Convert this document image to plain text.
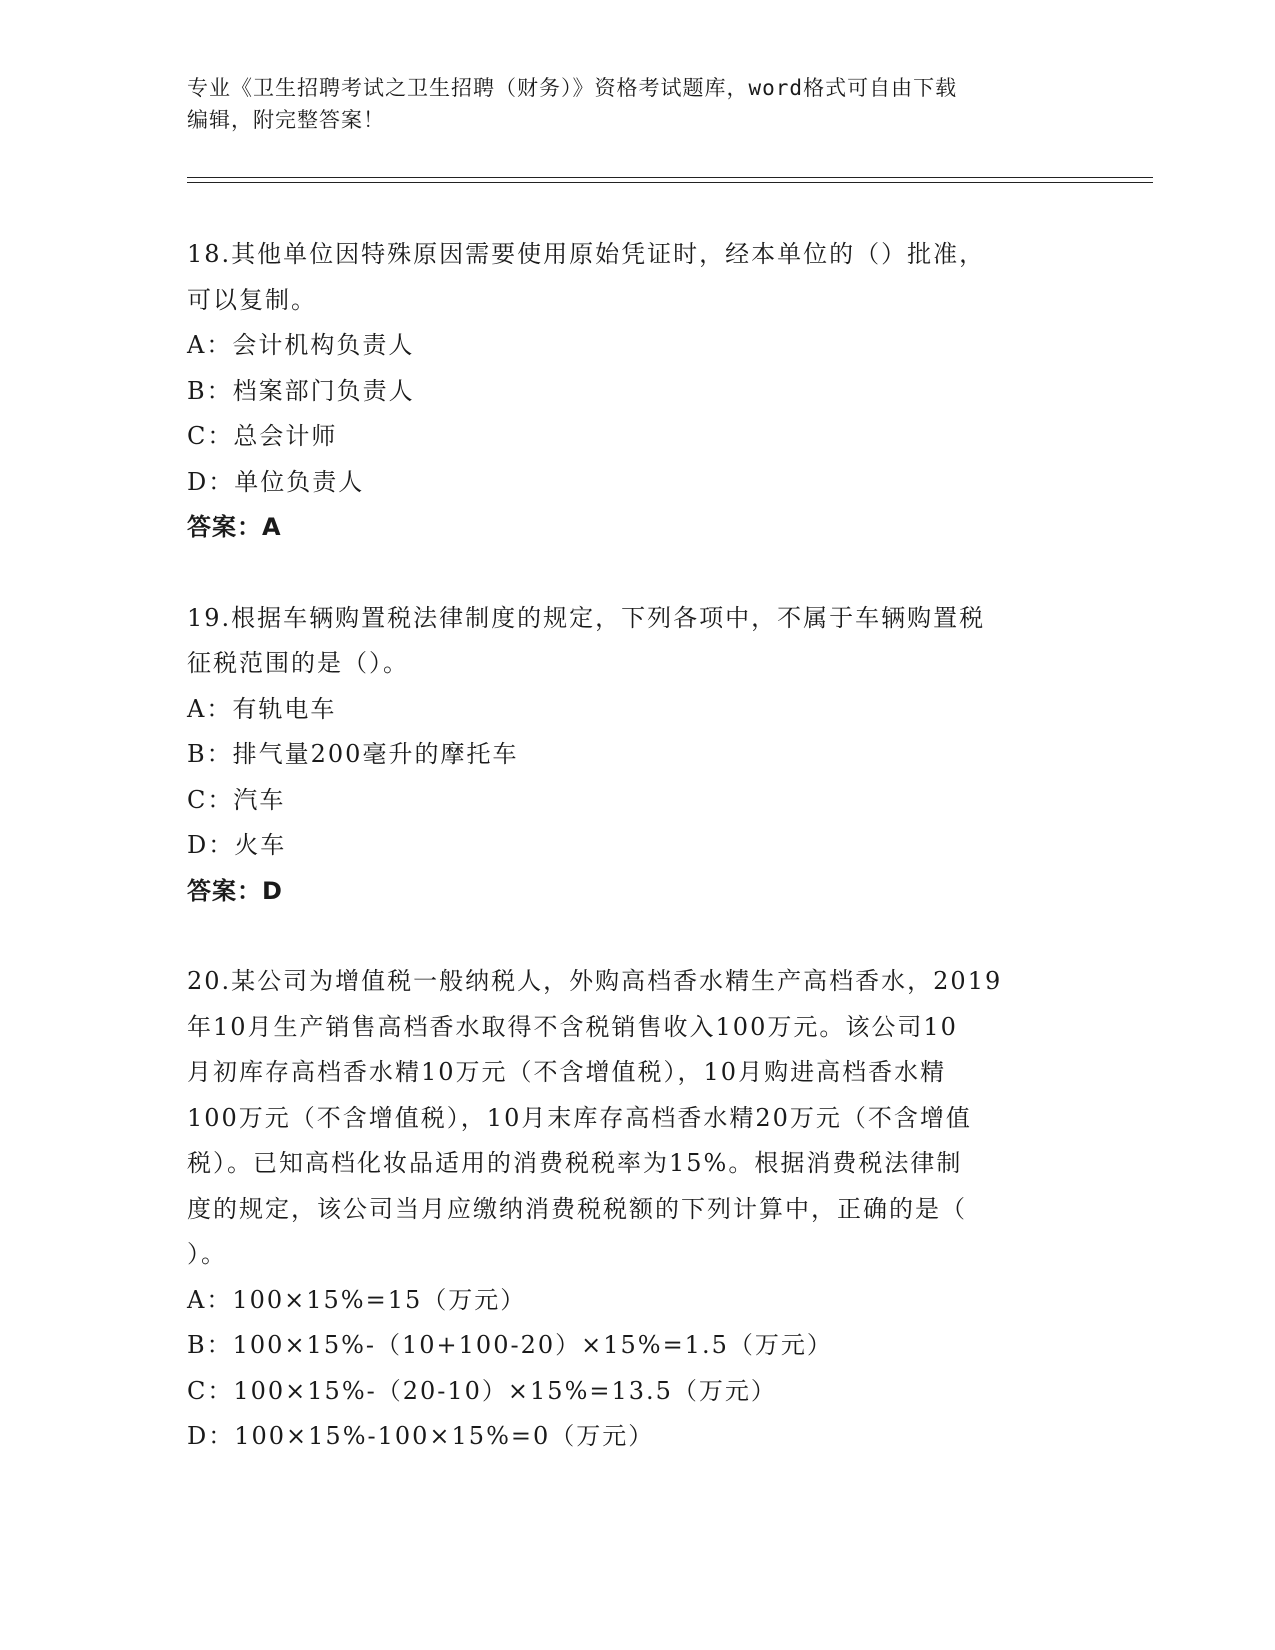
专业《卫生招聘考试之卫生招聘（财务）》资格考试题库，word格式可自由下载
编辑，附完整答案！
18.其他单位因特殊原因需要使用原始凭证时，经本单位的（）批准，
可以复制。
A：会计机构负责人
B：档案部门负责人
C：总会计师
D：单位负责人
答案：A
19.根据车辆购置税法律制度的规定，下列各项中，不属于车辆购置税
征税范围的是（）。
A：有轨电车
B：排气量200毫升的摩托车
C：汽车
D：火车
答案：D
20.某公司为增值税一般纳税人，外购高档香水精生产高档香水，2019
年10月生产销售高档香水取得不含税销售收入100万元。该公司10
月初库存高档香水精10万元（不含增值税），10月购进高档香水精
100万元（不含增值税），10月末库存高档香水精20万元（不含增值
税）。已知高档化妆品适用的消费税税率为15%。根据消费税法律制
度的规定，该公司当月应缴纳消费税税额的下列计算中，正确的是（
）。
A：100×15%=15（万元）
B：100×15%-（10+100-20）×15%=1.5（万元）
C：100×15%-（20-10）×15%=13.5（万元）
D：100×15%-100×15%=0（万元）
